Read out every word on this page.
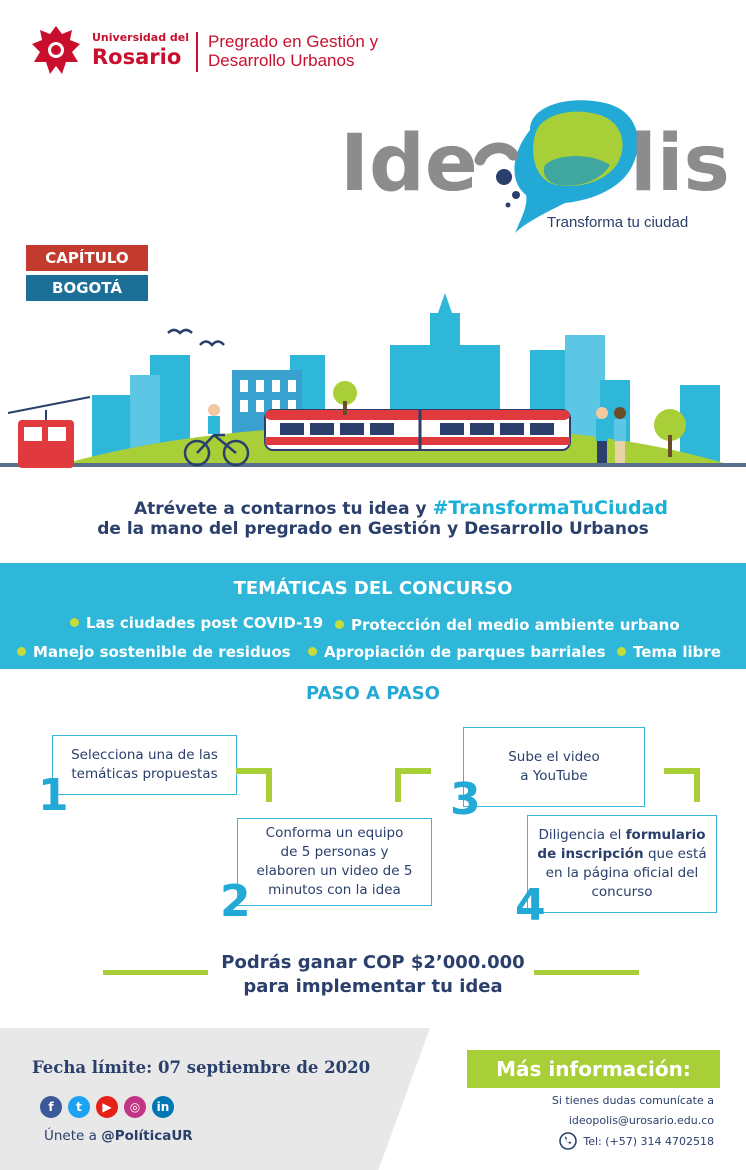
Universidad del
Rosario
Pregrado en Gestión y
Desarrollo Urbanos
Ide lis
Transforma tu ciudad
CAPÍTULO
BOGOTÁ
Atrévete a contarnos tu idea y #TransformaTuCiudad
de la mano del pregrado en Gestión y Desarrollo Urbanos
TEMÁTICAS DEL CONCURSO
Las ciudades post COVID-19	Protección del medio ambiente urbano
Manejo sostenible de residuos	Apropiación de parques barriales	Tema libre
PASO A PASO
Selecciona una de las
temáticas propuestas
1
Conforma un equipo
de 5 personas y
elaboren un video de 5
minutos con la idea
2
Sube el video
a YouTube
3
Diligencia el formulario
de inscripción que está
en la página oficial del
concurso
4
Podrás ganar COP $2’000.000
para implementar tu idea
Fecha límite: 07 septiembre de 2020
f	t	▶	◎	in
Únete a @PolíticaUR
Más información:
Si tienes dudas comunícate a
ideopolis@urosario.edu.co
Tel: (+57) 314 4702518
